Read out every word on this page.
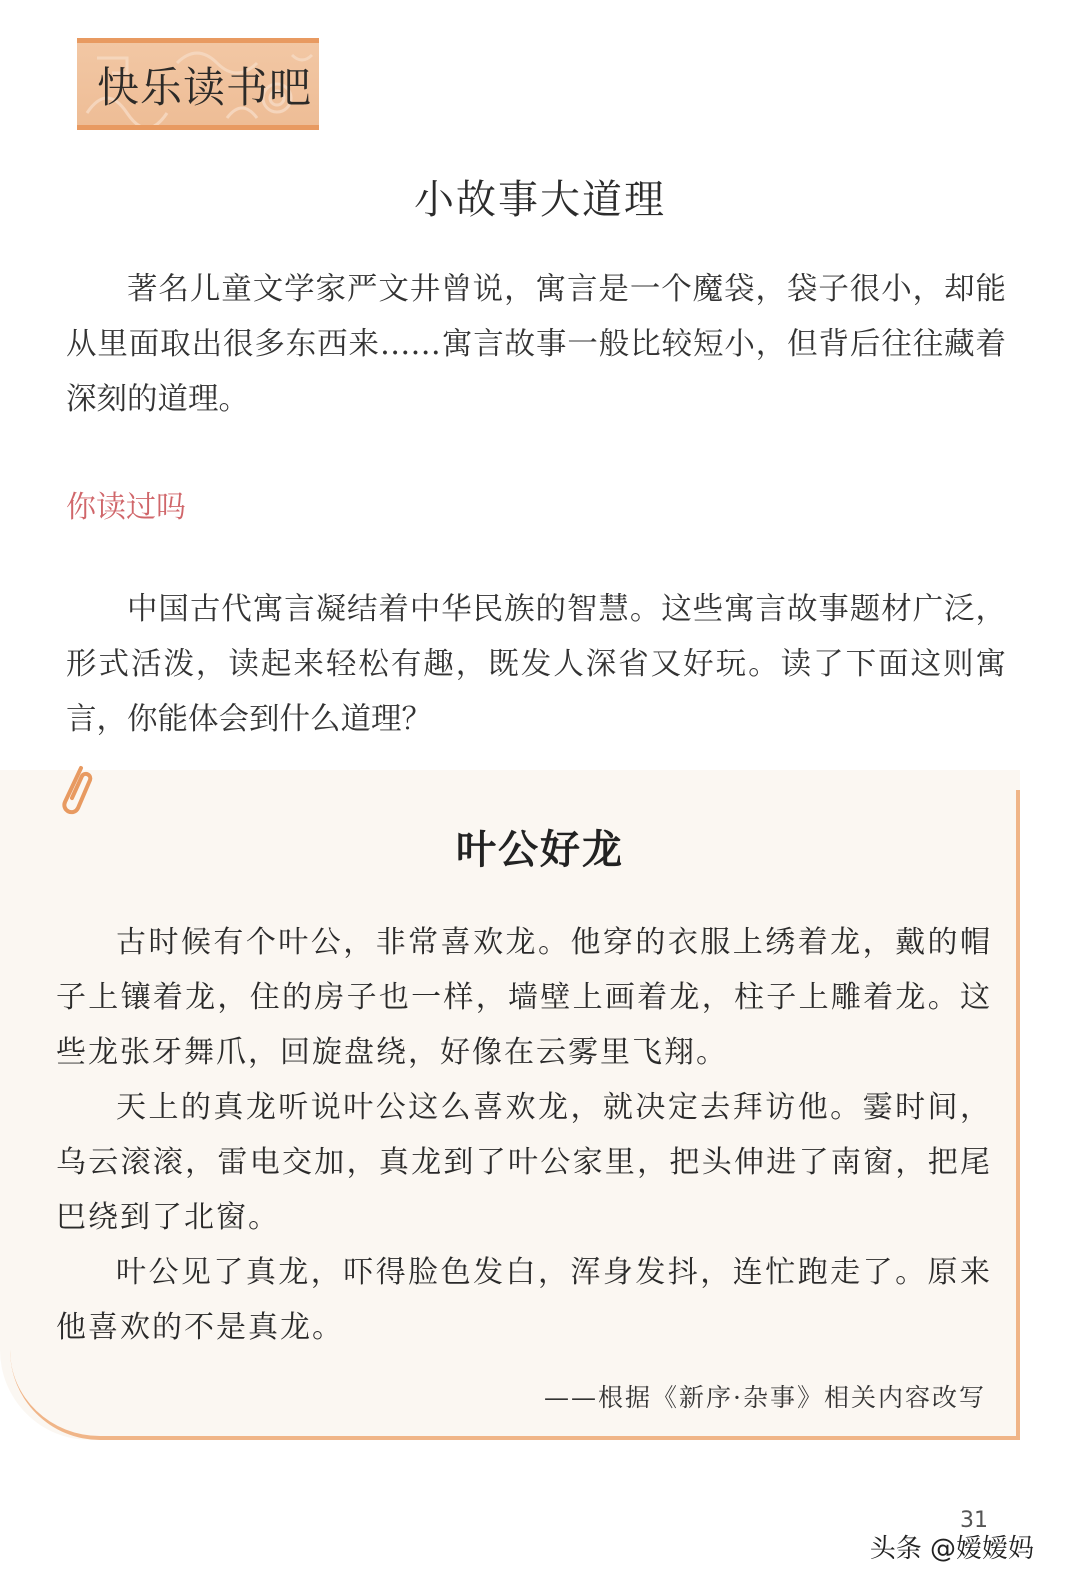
快乐读书吧
小故事大道理

著名儿童文学家严文井曾说，寓言是一个魔袋，袋子很小，却能从里面取出很多东西来……寓言故事一般比较短小，但背后往往藏着深刻的道理。

你读过吗

中国古代寓言凝结着中华民族的智慧。这些寓言故事题材广泛，形式活泼，读起来轻松有趣，既发人深省又好玩。读了下面这则寓言，你能体会到什么道理？

叶公好龙

古时候有个叶公，非常喜欢龙。他穿的衣服上绣着龙，戴的帽子上镶着龙，住的房子也一样，墙壁上画着龙，柱子上雕着龙。这些龙张牙舞爪，回旋盘绕，好像在云雾里飞翔。

天上的真龙听说叶公这么喜欢龙，就决定去拜访他。霎时间，乌云滚滚，雷电交加，真龙到了叶公家里，把头伸进了南窗，把尾巴绕到了北窗。

叶公见了真龙，吓得脸色发白，浑身发抖，连忙跑走了。原来他喜欢的不是真龙。

——根据《新序·杂事》相关内容改写
31
头条 @嫒嫒妈
